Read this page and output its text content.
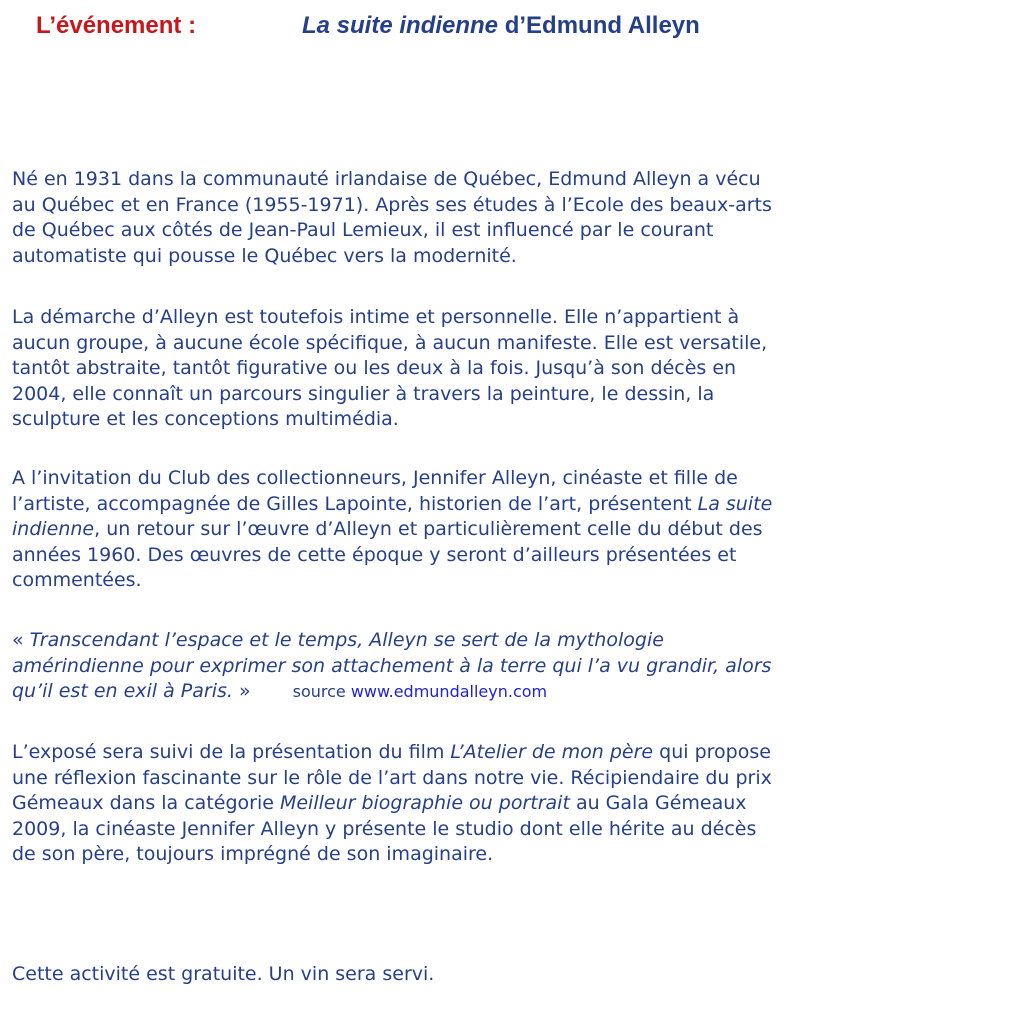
L’événement :	La suite indienne d’Edmund Alleyn

Né en 1931 dans la communauté irlandaise de Québec, Edmund Alleyn a vécu
au Québec et en France (1955-1971). Après ses études à l’Ecole des beaux-arts
de Québec aux côtés de Jean-Paul Lemieux, il est influencé par le courant
automatiste qui pousse le Québec vers la modernité.

La démarche d’Alleyn est toutefois intime et personnelle. Elle n’appartient à
aucun groupe, à aucune école spécifique, à aucun manifeste. Elle est versatile,
tantôt abstraite, tantôt figurative ou les deux à la fois. Jusqu’à son décès en
2004, elle connaît un parcours singulier à travers la peinture, le dessin, la
sculpture et les conceptions multimédia.

A l’invitation du Club des collectionneurs, Jennifer Alleyn, cinéaste et fille de
l’artiste, accompagnée de Gilles Lapointe, historien de l’art, présentent La suite
indienne, un retour sur l’œuvre d’Alleyn et particulièrement celle du début des
années 1960. Des œuvres de cette époque y seront d’ailleurs présentées et
commentées.

« Transcendant l’espace et le temps, Alleyn se sert de la mythologie
amérindienne pour exprimer son attachement à la terre qui l’a vu grandir, alors
qu’il est en exil à Paris. »	source www.edmundalleyn.com

L’exposé sera suivi de la présentation du film L’Atelier de mon père qui propose
une réflexion fascinante sur le rôle de l’art dans notre vie. Récipiendaire du prix
Gémeaux dans la catégorie Meilleur biographie ou portrait au Gala Gémeaux
2009, la cinéaste Jennifer Alleyn y présente le studio dont elle hérite au décès
de son père, toujours imprégné de son imaginaire.

Cette activité est gratuite. Un vin sera servi.
